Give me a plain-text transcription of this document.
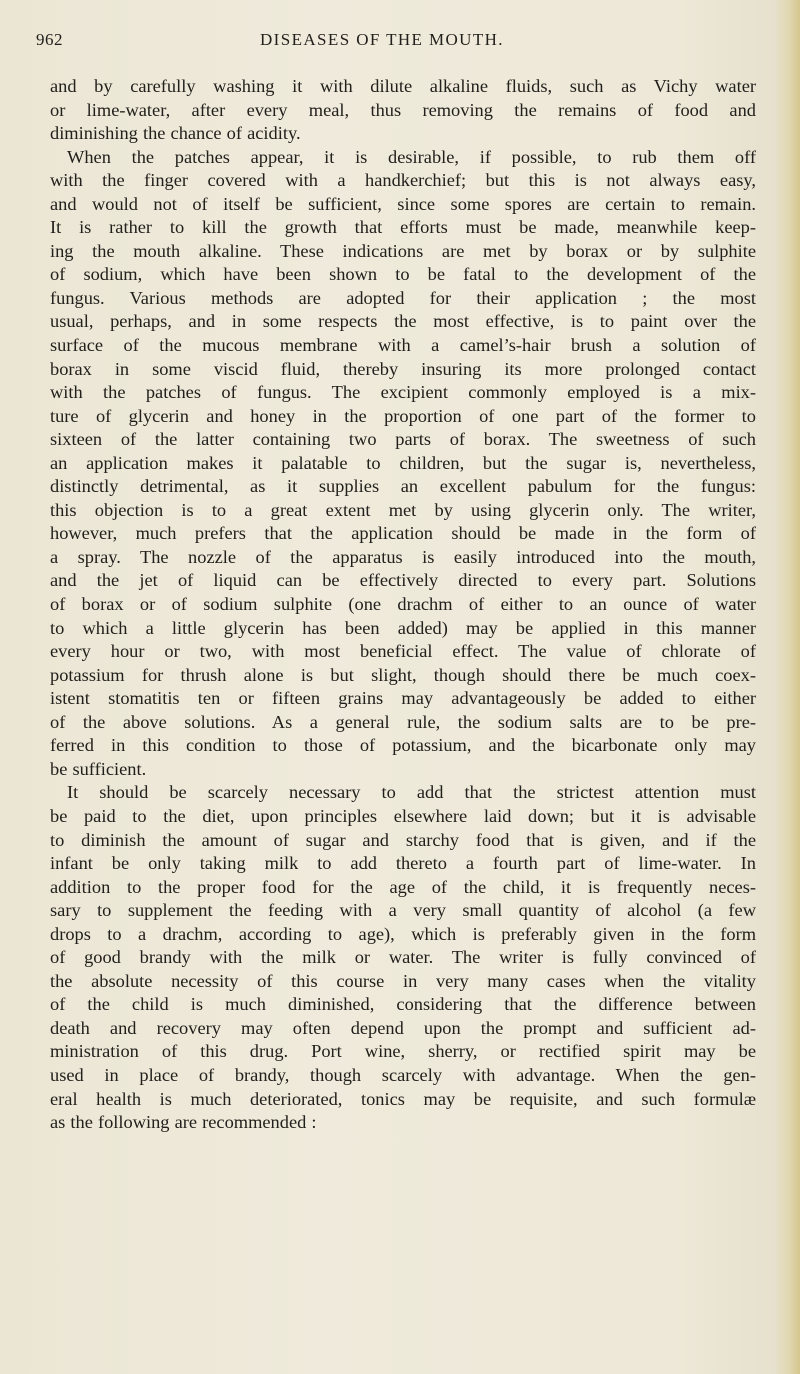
962	DISEASES OF THE MOUTH.
and by carefully washing it with dilute alkaline fluids, such as Vichy water
or lime-water, after every meal, thus removing the remains of food and
diminishing the chance of acidity.
When the patches appear, it is desirable, if possible, to rub them off
with the finger covered with a handkerchief; but this is not always easy,
and would not of itself be sufficient, since some spores are certain to remain.
It is rather to kill the growth that efforts must be made, meanwhile keep-
ing the mouth alkaline. These indications are met by borax or by sulphite
of sodium, which have been shown to be fatal to the development of the
fungus. Various methods are adopted for their application ; the most
usual, perhaps, and in some respects the most effective, is to paint over the
surface of the mucous membrane with a camel’s-hair brush a solution of
borax in some viscid fluid, thereby insuring its more prolonged contact
with the patches of fungus. The excipient commonly employed is a mix-
ture of glycerin and honey in the proportion of one part of the former to
sixteen of the latter containing two parts of borax. The sweetness of such
an application makes it palatable to children, but the sugar is, nevertheless,
distinctly detrimental, as it supplies an excellent pabulum for the fungus:
this objection is to a great extent met by using glycerin only. The writer,
however, much prefers that the application should be made in the form of
a spray. The nozzle of the apparatus is easily introduced into the mouth,
and the jet of liquid can be effectively directed to every part. Solutions
of borax or of sodium sulphite (one drachm of either to an ounce of water
to which a little glycerin has been added) may be applied in this manner
every hour or two, with most beneficial effect. The value of chlorate of
potassium for thrush alone is but slight, though should there be much coex-
istent stomatitis ten or fifteen grains may advantageously be added to either
of the above solutions. As a general rule, the sodium salts are to be pre-
ferred in this condition to those of potassium, and the bicarbonate only may
be sufficient.
It should be scarcely necessary to add that the strictest attention must
be paid to the diet, upon principles elsewhere laid down; but it is advisable
to diminish the amount of sugar and starchy food that is given, and if the
infant be only taking milk to add thereto a fourth part of lime-water. In
addition to the proper food for the age of the child, it is frequently neces-
sary to supplement the feeding with a very small quantity of alcohol (a few
drops to a drachm, according to age), which is preferably given in the form
of good brandy with the milk or water. The writer is fully convinced of
the absolute necessity of this course in very many cases when the vitality
of the child is much diminished, considering that the difference between
death and recovery may often depend upon the prompt and sufficient ad-
ministration of this drug. Port wine, sherry, or rectified spirit may be
used in place of brandy, though scarcely with advantage. When the gen-
eral health is much deteriorated, tonics may be requisite, and such formulæ
as the following are recommended :
